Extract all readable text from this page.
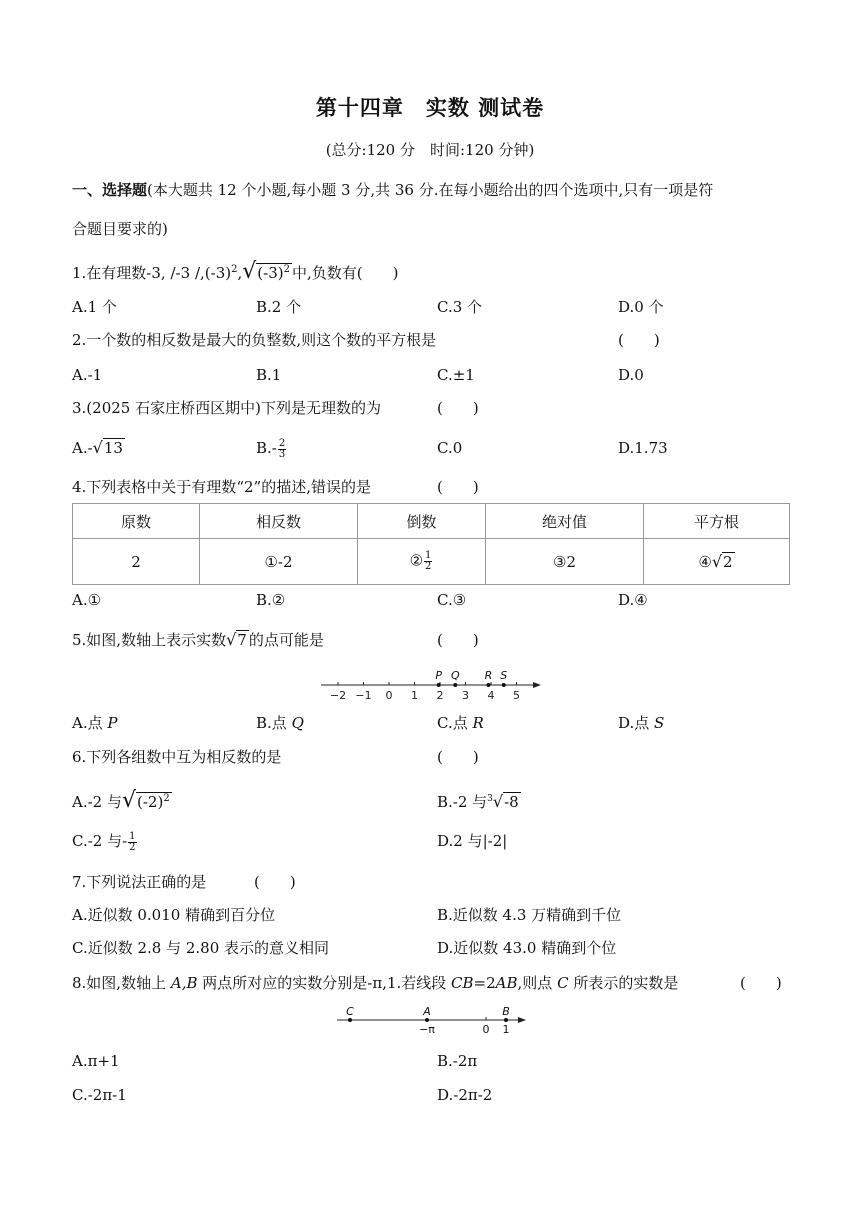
第十四章　实数 测试卷
(总分:120 分　时间:120 分钟)
一、选择题(本大题共 12 个小题,每小题 3 分,共 36 分.在每小题给出的四个选项中,只有一项是符
合题目要求的)
1.在有理数-3, /-3 $/,(-3)^2,√(-3)^2$ 中,负数有(　　)
A.1 个	B.2 个	C.3 个	D.0 个
2.一个数的相反数是最大的负整数,则这个数的平方根是	(　　)
A.-1	B.1	C.±1	D.0
3.(2025 石家庄桥西区期中)下列是无理数的为	(　　)
A.-√13	$B.- \frac{2}{3}$	C.0	D.1.73
4.下列表格中关于有理数“2”的描述,错误的是	(　　)
原数	相反数	倒数	绝对值	平方根
2	①-2	② $\frac{1}{2}$	③2	④√2
A.①	B.②	C.③	D.④
5.如图,数轴上表示实数√7 的点可能是	(　　)
−2 −1 0 1 2 3 4 5
P Q R S
A.点 P	B.点 Q	C.点 R	D.点 S
6.下列各组数中互为相反数的是	(　　)
A.-2 与$√(-2)^2$	B.-2 与$^3$√-8
C.-2 与- $\frac{1}{2}$	D.2 与|-2|
7.下列说法正确的是	(　　)
A.近似数 0.010 精确到百分位	B.近似数 4.3 万精确到千位
C.近似数 2.8 与 2.80 表示的意义相同	D.近似数 43.0 精确到个位
8.如图,数轴上 A,B 两点所对应的实数分别是-π,1.若线段 CB=2AB,则点 C 所表示的实数是	(　　)
C	A
−π	0
B
1
A.π+1	B.-2π
C.-2π-1	D.-2π-2
